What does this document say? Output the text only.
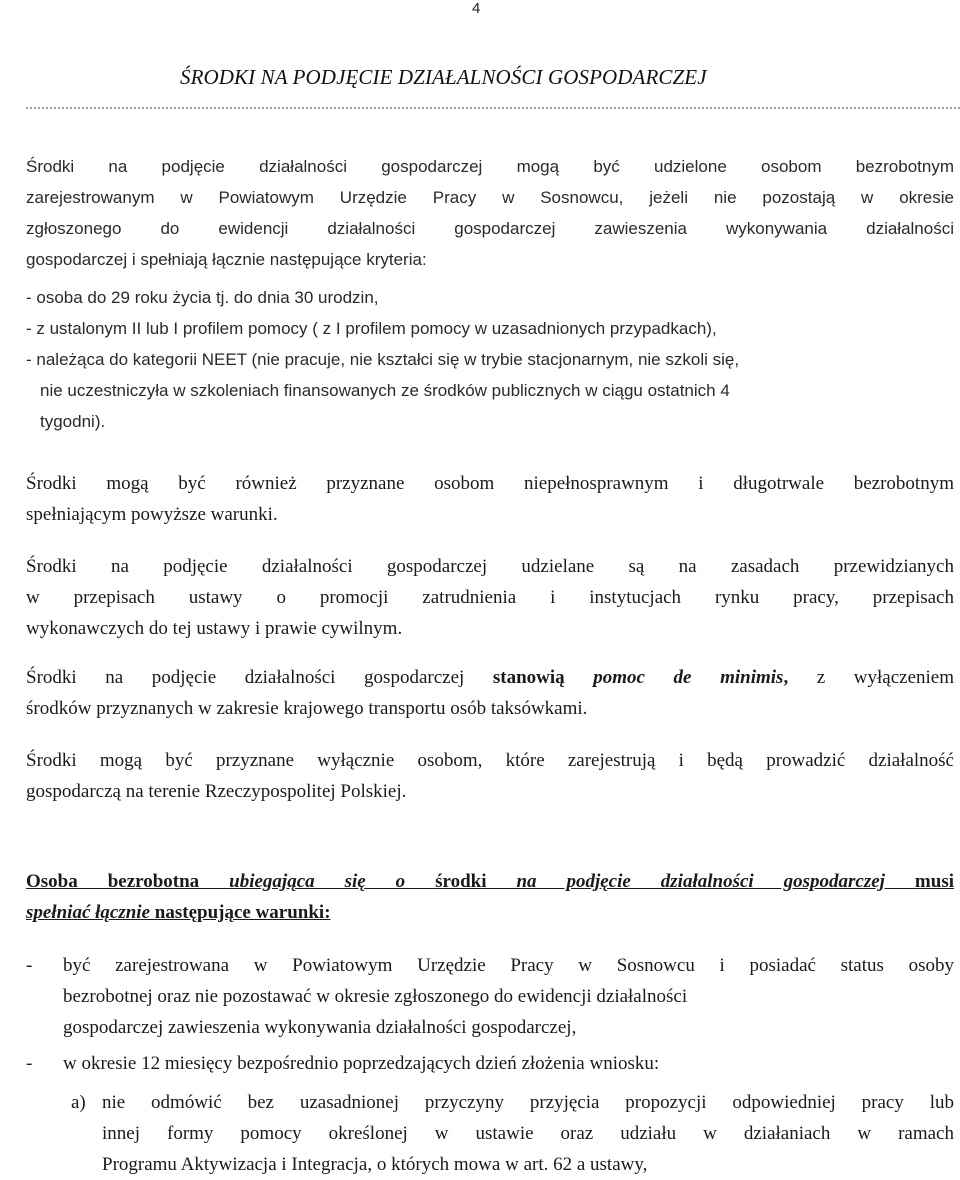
4
ŚRODKI NA PODJĘCIE DZIAŁALNOŚCI GOSPODARCZEJ
Środki na podjęcie działalności gospodarczej mogą być udzielone osobom bezrobotnym
zarejestrowanym w Powiatowym Urzędzie Pracy w Sosnowcu, jeżeli nie pozostają w okresie
zgłoszonego do ewidencji działalności gospodarczej zawieszenia wykonywania działalności
gospodarczej i spełniają łącznie następujące kryteria:
- osoba do 29 roku życia tj. do dnia 30 urodzin,
- z ustalonym II lub I profilem pomocy ( z I profilem pomocy w uzasadnionych przypadkach),
- należąca do kategorii NEET (nie pracuje, nie kształci się w trybie stacjonarnym, nie szkoli się,
nie uczestniczyła w szkoleniach finansowanych ze środków publicznych w ciągu ostatnich 4
tygodni).
Środki mogą być również przyznane osobom niepełnosprawnym i długotrwale bezrobotnym
spełniającym powyższe warunki.
Środki na podjęcie działalności gospodarczej udzielane są na zasadach przewidzianych
w przepisach ustawy o promocji zatrudnienia i instytucjach rynku pracy, przepisach
wykonawczych do tej ustawy i prawie cywilnym.
Środki na podjęcie działalności gospodarczej stanowią pomoc de minimis, z wyłączeniem
środków przyznanych w zakresie krajowego transportu osób taksówkami.
Środki mogą być przyznane wyłącznie osobom, które zarejestrują i będą prowadzić działalność
gospodarczą na terenie Rzeczypospolitej Polskiej.
Osoba bezrobotna ubiegająca się o środki na podjęcie działalności gospodarczej musi
spełniać łącznie następujące warunki:
- być zarejestrowana w Powiatowym Urzędzie Pracy w Sosnowcu i posiadać status osoby
bezrobotnej oraz nie pozostawać w okresie zgłoszonego do ewidencji działalności
gospodarczej zawieszenia wykonywania działalności gospodarczej,
- w okresie 12 miesięcy bezpośrednio poprzedzających dzień złożenia wniosku:
a) nie odmówić bez uzasadnionej przyczyny przyjęcia propozycji odpowiedniej pracy lub
innej formy pomocy określonej w ustawie oraz udziału w działaniach w ramach
Programu Aktywizacja i Integracja, o których mowa w art. 62 a ustawy,
